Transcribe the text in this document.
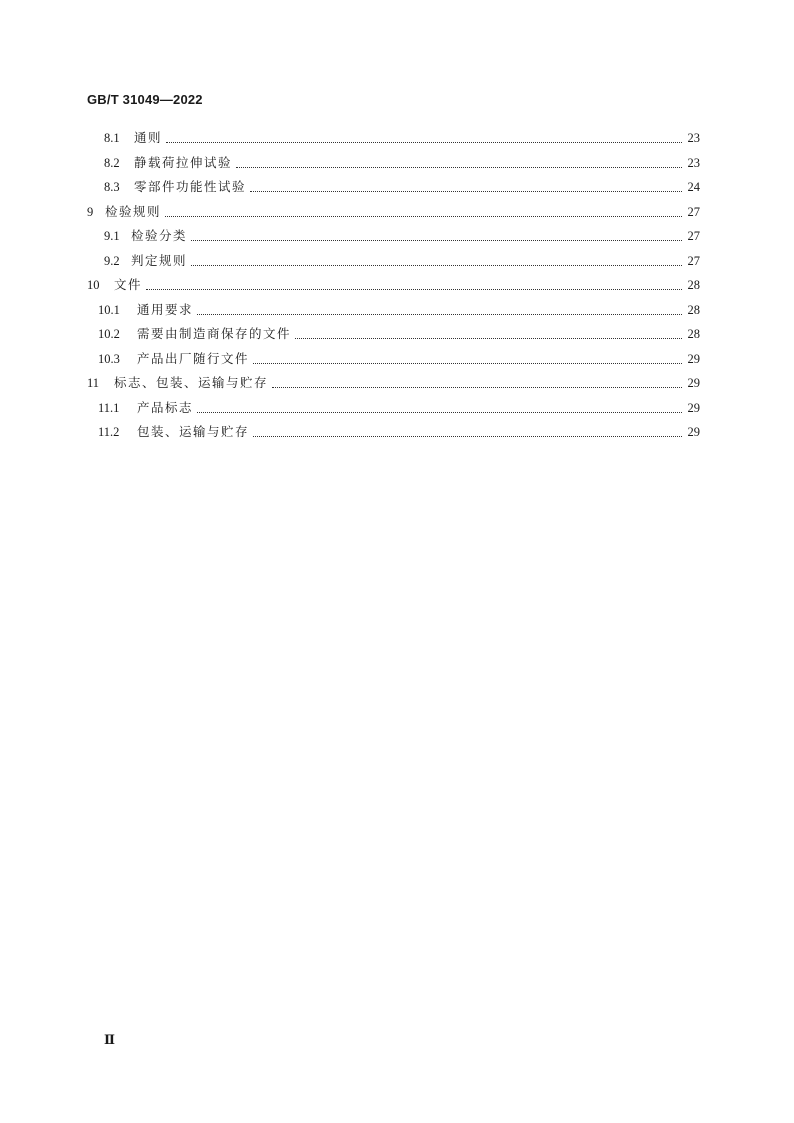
GB/T 31049—2022
8.1	通则	23
8.2	静载荷拉伸试验	23
8.3	零部件功能性试验	24
9 检验规则	27
9.1 检验分类	27
9.2 判定规则	27
10	文件	28
10.1	通用要求	28
10.2	需要由制造商保存的文件	28
10.3	产品出厂随行文件	29
11	标志、包装、运输与贮存	29
11.1	产品标志	29
11.2	包装、运输与贮存	29
Ⅱ
